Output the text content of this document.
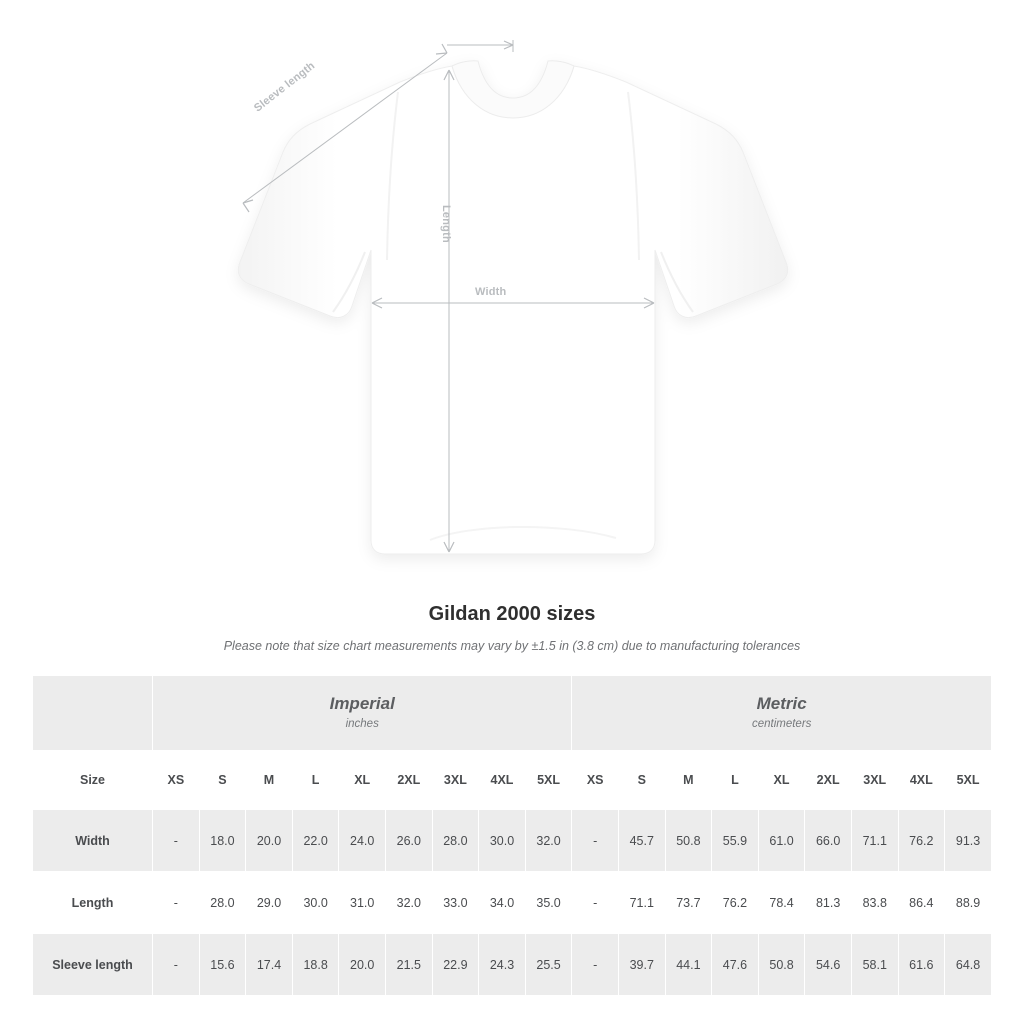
Sleeve length
Length
Width
Gildan 2000 sizes
Please note that size chart measurements may vary by ±1.5 in (3.8 cm) due to manufacturing tolerances

Imperial
inches

Metric
centimeters

Size	XS	S	M	L	XL	2XL	3XL	4XL	5XL	XS	S	M	L	XL	2XL	3XL	4XL	5XL
Width	-	18.0	20.0	22.0	24.0	26.0	28.0	30.0	32.0	-	45.7	50.8	55.9	61.0	66.0	71.1	76.2	91.3
Length	-	28.0	29.0	30.0	31.0	32.0	33.0	34.0	35.0	-	71.1	73.7	76.2	78.4	81.3	83.8	86.4	88.9
Sleeve length	-	15.6	17.4	18.8	20.0	21.5	22.9	24.3	25.5	-	39.7	44.1	47.6	50.8	54.6	58.1	61.6	64.8
